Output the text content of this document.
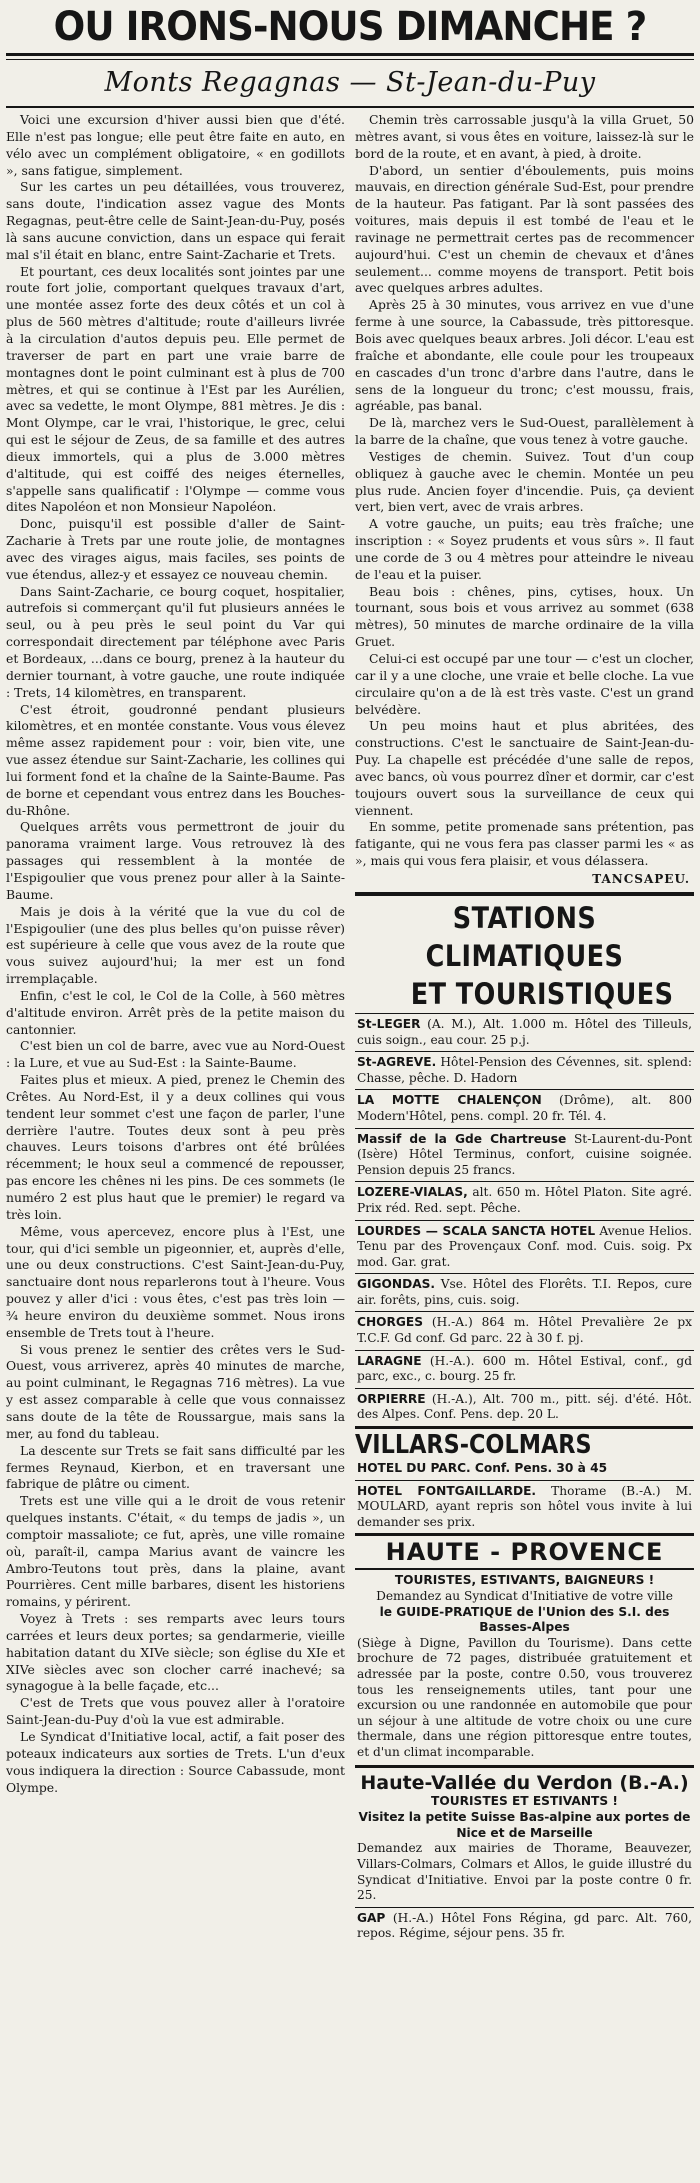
OU IRONS-NOUS DIMANCHE ?
Monts Regagnas — St-Jean-du-Puy

Voici une excursion d'hiver aussi bien que d'été. Elle n'est pas longue; elle peut être faite en auto, en vélo avec un complément obligatoire, « en godillots », sans fatigue, simplement.

Sur les cartes un peu détaillées, vous trouverez, sans doute, l'indication assez vague des Monts Regagnas, peut-être celle de Saint-Jean-du-Puy, posés là sans aucune conviction, dans un espace qui ferait mal s'il était en blanc, entre Saint-Zacharie et Trets.

Et pourtant, ces deux localités sont jointes par une route fort jolie, comportant quelques travaux d'art, une montée assez forte des deux côtés et un col à plus de 560 mètres d'altitude; route d'ailleurs livrée à la circulation d'autos depuis peu. Elle permet de traverser de part en part une vraie barre de montagnes dont le point culminant est à plus de 700 mètres, et qui se continue à l'Est par les Aurélien, avec sa vedette, le mont Olympe, 881 mètres. Je dis : Mont Olympe, car le vrai, l'historique, le grec, celui qui est le séjour de Zeus, de sa famille et des autres dieux immortels, qui a plus de 3.000 mètres d'altitude, qui est coiffé des neiges éternelles, s'appelle sans qualificatif : l'Olympe — comme vous dites Napoléon et non Monsieur Napoléon.

Donc, puisqu'il est possible d'aller de Saint-Zacharie à Trets par une route jolie, de montagnes avec des virages aigus, mais faciles, ses points de vue étendus, allez-y et essayez ce nouveau chemin.

Dans Saint-Zacharie, ce bourg coquet, hospitalier, autrefois si commerçant qu'il fut plusieurs années le seul, ou à peu près le seul point du Var qui correspondait directement par téléphone avec Paris et Bordeaux, ...dans ce bourg, prenez à la hauteur du dernier tournant, à votre gauche, une route indiquée : Trets, 14 kilomètres, en transparent.

C'est étroit, goudronné pendant plusieurs kilomètres, et en montée constante. Vous vous élevez même assez rapidement pour : voir, bien vite, une vue assez étendue sur Saint-Zacharie, les collines qui lui forment fond et la chaîne de la Sainte-Baume. Pas de borne et cependant vous entrez dans les Bouches-du-Rhône.

Quelques arrêts vous permettront de jouir du panorama vraiment large. Vous retrouvez là des passages qui ressemblent à la montée de l'Espigoulier que vous prenez pour aller à la Sainte-Baume.

Mais je dois à la vérité que la vue du col de l'Espigoulier (une des plus belles qu'on puisse rêver) est supérieure à celle que vous avez de la route que vous suivez aujourd'hui; la mer est un fond irremplaçable.

Enfin, c'est le col, le Col de la Colle, à 560 mètres d'altitude environ. Arrêt près de la petite maison du cantonnier.

C'est bien un col de barre, avec vue au Nord-Ouest : la Lure, et vue au Sud-Est : la Sainte-Baume.

Faites plus et mieux. A pied, prenez le Chemin des Crêtes. Au Nord-Est, il y a deux collines qui vous tendent leur sommet c'est une façon de parler, l'une derrière l'autre. Toutes deux sont à peu près chauves. Leurs toisons d'arbres ont été brûlées récemment; le houx seul a commencé de repousser, pas encore les chênes ni les pins. De ces sommets (le numéro 2 est plus haut que le premier) le regard va très loin.

Même, vous apercevez, encore plus à l'Est, une tour, qui d'ici semble un pigeonnier, et, auprès d'elle, une ou deux constructions. C'est Saint-Jean-du-Puy, sanctuaire dont nous reparlerons tout à l'heure. Vous pouvez y aller d'ici : vous êtes, c'est pas très loin — ¾ heure environ du deuxième sommet. Nous irons ensemble de Trets tout à l'heure.

Si vous prenez le sentier des crêtes vers le Sud-Ouest, vous arriverez, après 40 minutes de marche, au point culminant, le Regagnas 716 mètres). La vue y est assez comparable à celle que vous connaissez sans doute de la tête de Roussargue, mais sans la mer, au fond du tableau.

La descente sur Trets se fait sans difficulté par les fermes Reynaud, Kierbon, et en traversant une fabrique de plâtre ou ciment.

Trets est une ville qui a le droit de vous retenir quelques instants. C'était, « du temps de jadis », un comptoir massaliote; ce fut, après, une ville romaine où, paraît-il, campa Marius avant de vaincre les Ambro-Teutons tout près, dans la plaine, avant Pourrières. Cent mille barbares, disent les historiens romains, y périrent.

Voyez à Trets : ses remparts avec leurs tours carrées et leurs deux portes; sa gendarmerie, vieille habitation datant du XIVe siècle; son église du XIe et XIVe siècles avec son clocher carré inachevé; sa synagogue à la belle façade, etc...

C'est de Trets que vous pouvez aller à l'oratoire Saint-Jean-du-Puy d'où la vue est admirable.

Le Syndicat d'Initiative local, actif, a fait poser des poteaux indicateurs aux sorties de Trets. L'un d'eux vous indiquera la direction : Source Cabassude, mont Olympe.

Chemin très carrossable jusqu'à la villa Gruet, 50 mètres avant, si vous êtes en voiture, laissez-là sur le bord de la route, et en avant, à pied, à droite.

D'abord, un sentier d'éboulements, puis moins mauvais, en direction générale Sud-Est, pour prendre de la hauteur. Pas fatigant. Par là sont passées des voitures, mais depuis il est tombé de l'eau et le ravinage ne permettrait certes pas de recommencer aujourd'hui. C'est un chemin de chevaux et d'ânes seulement... comme moyens de transport. Petit bois avec quelques arbres adultes.

Après 25 à 30 minutes, vous arrivez en vue d'une ferme à une source, la Cabassude, très pittoresque. Bois avec quelques beaux arbres. Joli décor. L'eau est fraîche et abondante, elle coule pour les troupeaux en cascades d'un tronc d'arbre dans l'autre, dans le sens de la longueur du tronc; c'est moussu, frais, agréable, pas banal.

De là, marchez vers le Sud-Ouest, parallèlement à la barre de la chaîne, que vous tenez à votre gauche.

Vestiges de chemin. Suivez. Tout d'un coup obliquez à gauche avec le chemin. Montée un peu plus rude. Ancien foyer d'incendie. Puis, ça devient vert, bien vert, avec de vrais arbres.

A votre gauche, un puits; eau très fraîche; une inscription : « Soyez prudents et vous sûrs ». Il faut une corde de 3 ou 4 mètres pour atteindre le niveau de l'eau et la puiser.

Beau bois : chênes, pins, cytises, houx. Un tournant, sous bois et vous arrivez au sommet (638 mètres), 50 minutes de marche ordinaire de la villa Gruet.

Celui-ci est occupé par une tour — c'est un clocher, car il y a une cloche, une vraie et belle cloche. La vue circulaire qu'on a de là est très vaste. C'est un grand belvédère.

Un peu moins haut et plus abritées, des constructions. C'est le sanctuaire de Saint-Jean-du-Puy. La chapelle est précédée d'une salle de repos, avec bancs, où vous pourrez dîner et dormir, car c'est toujours ouvert sous la surveillance de ceux qui viennent.

En somme, petite promenade sans prétention, pas fatigante, qui ne vous fera pas classer parmi les « as », mais qui vous fera plaisir, et vous délassera.

TANCSAPEU.
STATIONS CLIMATIQUES
ET TOURISTIQUES
St-LEGER (A. M.), Alt. 1.000 m. Hôtel des Tilleuls, cuis soign., eau cour. 25 p.j.
St-AGREVE. Hôtel-Pension des Cévennes, sit. splend: Chasse, pêche. D. Hadorn
LA MOTTE CHALENÇON (Drôme), alt. 800 Modern'Hôtel, pens. compl. 20 fr. Tél. 4.
Massif de la Gde Chartreuse St-Laurent-du-Pont (Isère) Hôtel Terminus, confort, cuisine soignée. Pension depuis 25 francs.
LOZERE-VIALAS, alt. 650 m. Hôtel Platon. Site agré. Prix réd. Red. sept. Pêche.
LOURDES — SCALA SANCTA HOTEL Avenue Helios. Tenu par des Provençaux Conf. mod. Cuis. soig. Px mod. Gar. grat.
GIGONDAS. Vse. Hôtel des Florêts. T.I. Repos, cure air. forêts, pins, cuis. soig.
CHORGES (H.-A.) 864 m. Hôtel Prevalière 2e px T.C.F. Gd conf. Gd parc. 22 à 30 f. pj.
LARAGNE (H.-A.). 600 m. Hôtel Estival, conf., gd parc, exc., c. bourg. 25 fr.
ORPIERRE (H.-A.), Alt. 700 m., pitt. séj. d'été. Hôt. des Alpes. Conf. Pens. dep. 20 L.
VILLARS-COLMARS
HOTEL DU PARC. Conf. Pens. 30 à 45
HOTEL FONTGAILLARDE. Thorame (B.-A.) M. MOULARD, ayant repris son hôtel vous invite à lui demander ses prix.
HAUTE - PROVENCE
TOURISTES, ESTIVANTS, BAIGNEURS !
Demandez au Syndicat d'Initiative de votre ville
le GUIDE-PRATIQUE de l'Union des S.I. des Basses-Alpes
(Siège à Digne, Pavillon du Tourisme). Dans cette brochure de 72 pages, distribuée gratuitement et adressée par la poste, contre 0.50, vous trouverez tous les renseignements utiles, tant pour une excursion ou une randonnée en automobile que pour un séjour à une altitude de votre choix ou une cure thermale, dans une région pittoresque entre toutes, et d'un climat incomparable.
Haute-Vallée du Verdon (B.-A.)
TOURISTES ET ESTIVANTS !
Visitez la petite Suisse Bas-alpine aux portes de Nice et de Marseille
Demandez aux mairies de Thorame, Beauvezer, Villars-Colmars, Colmars et Allos, le guide illustré du Syndicat d'Initiative. Envoi par la poste contre 0 fr. 25.
GAP (H.-A.) Hôtel Fons Régina, gd parc. Alt. 760, repos. Régime, séjour pens. 35 fr.
